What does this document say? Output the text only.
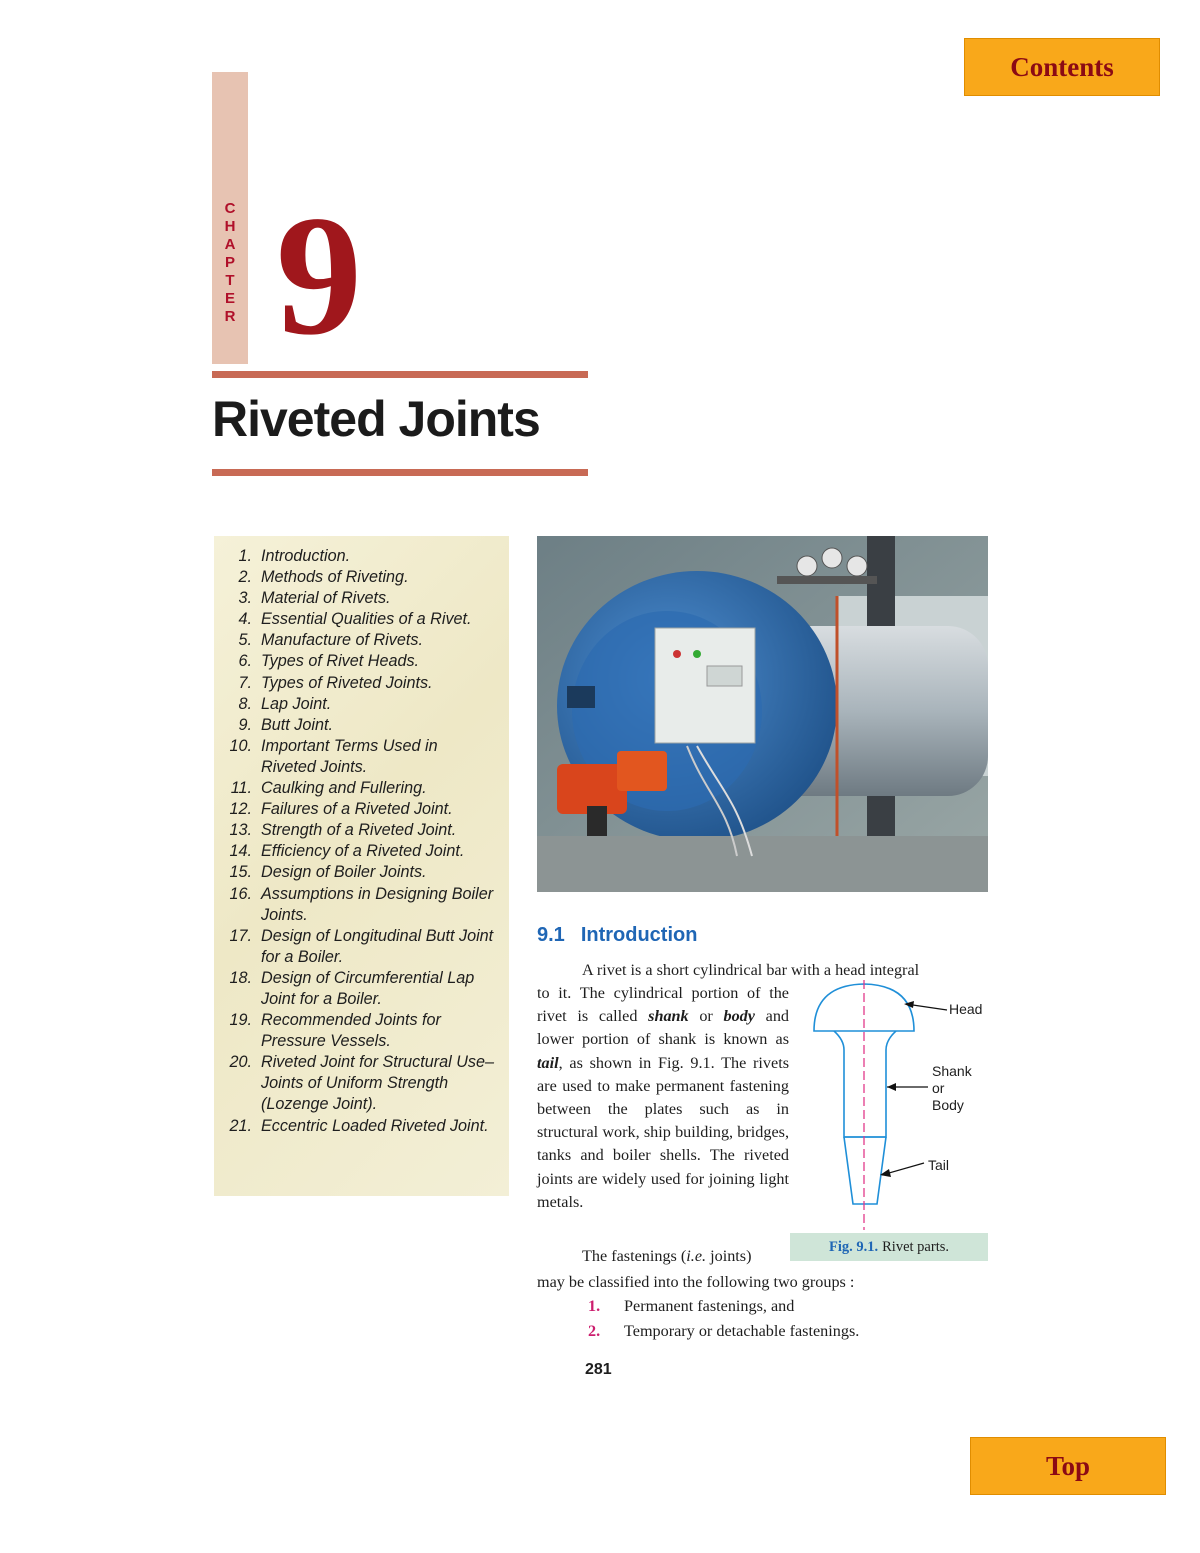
Contents
Top
C
H
A
P
T
E
R 9
Riveted Joints
1. Introduction.
2. Methods of Riveting.
3. Material of Rivets.
4. Essential Qualities of a Rivet.
5. Manufacture of Rivets.
6. Types of Rivet Heads.
7. Types of Riveted Joints.
8. Lap Joint.
9. Butt Joint.
10. Important Terms Used in Riveted Joints.
11. Caulking and Fullering.
12. Failures of a Riveted Joint.
13. Strength of a Riveted Joint.
14. Efficiency of a Riveted Joint.
15. Design of Boiler Joints.
16. Assumptions in Designing Boiler Joints.
17. Design of Longitudinal Butt Joint for a Boiler.
18. Design of Circumferential Lap Joint for a Boiler.
19. Recommended Joints for Pressure Vessels.
20. Riveted Joint for Structural Use–Joints of Uniform Strength (Lozenge Joint).
21. Eccentric Loaded Riveted Joint.
9.1 Introduction

A rivet is a short cylindrical bar with a head integral

to it. The cylindrical portion of the rivet is called shank or body and lower portion of shank is known as tail, as shown in Fig. 9.1. The rivets are used to make permanent fastening between the plates such as in structural work, ship building, bridges, tanks and boiler shells. The riveted joints are widely used for joining light metals.

The fastenings (i.e. joints)

may be classified into the following two groups :

1. Permanent fastenings, and
2. Temporary or detachable fastenings.
Head
Shank
or
Body
Tail
Fig. 9.1. Rivet parts.
281
